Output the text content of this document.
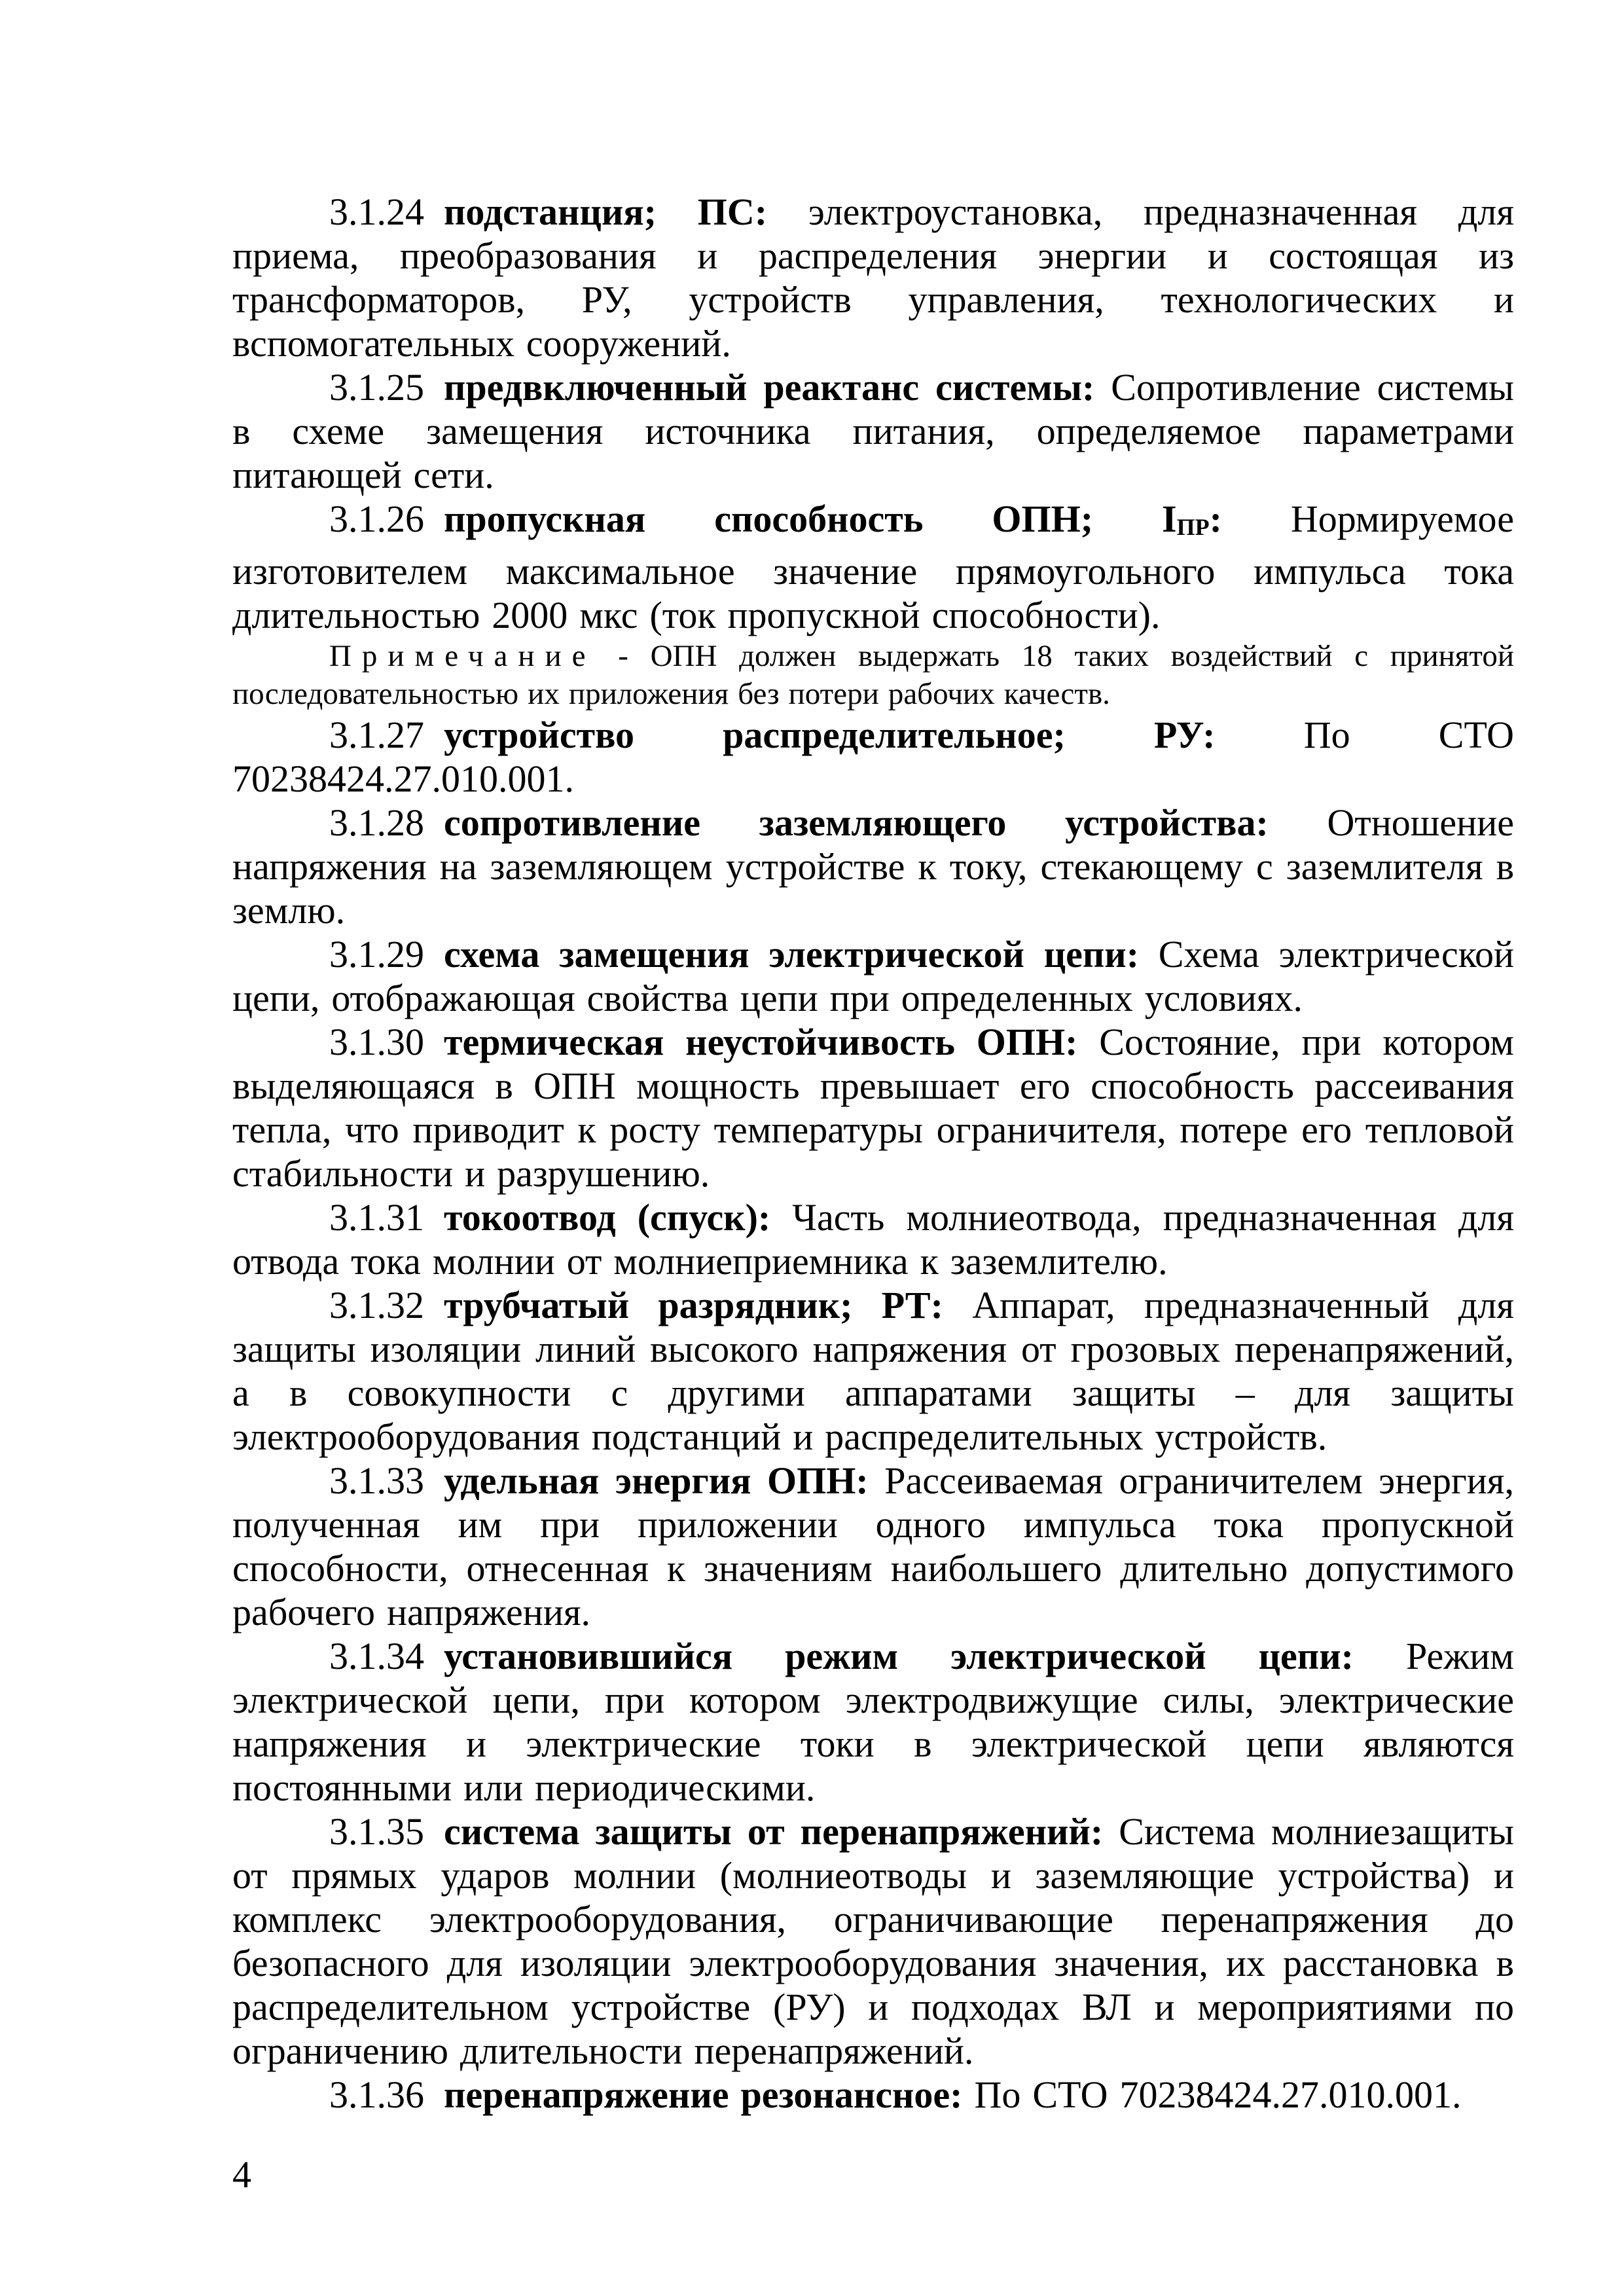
3.1.24 подстанция; ПС: электроустановка, предназначенная для приема, преобразования и распределения энергии и состоящая из трансформаторов, РУ, устройств управления, технологических и вспомогательных сооружений.

3.1.25 предвключенный реактанс системы: Сопротивление системы в схеме замещения источника питания, определяемое параметрами питающей сети.

3.1.26 пропускная способность ОПН; IПР: Нормируемое изготовителем максимальное значение прямоугольного импульса тока длительностью 2000 мкс (ток пропускной способности).

Примечание - ОПН должен выдержать 18 таких воздействий с принятой последовательностью их приложения без потери рабочих качеств.

3.1.27 устройство распределительное; РУ: По СТО 70238424.27.010.001.

3.1.28 сопротивление заземляющего устройства: Отношение напряжения на заземляющем устройстве к току, стекающему с заземлителя в землю.

3.1.29 схема замещения электрической цепи: Схема электрической цепи, отображающая свойства цепи при определенных условиях.

3.1.30 термическая неустойчивость ОПН: Состояние, при котором выделяющаяся в ОПН мощность превышает его способность рассеивания тепла, что приводит к росту температуры ограничителя, потере его тепловой стабильности и разрушению.

3.1.31 токоотвод (спуск): Часть молниеотвода, предназначенная для отвода тока молнии от молниеприемника к заземлителю.

3.1.32 трубчатый разрядник; РТ: Аппарат, предназначенный для защиты изоляции линий высокого напряжения от грозовых перенапряжений, а в совокупности с другими аппаратами защиты – для защиты электрооборудования подстанций и распределительных устройств.

3.1.33 удельная энергия ОПН: Рассеиваемая ограничителем энергия, полученная им при приложении одного импульса тока пропускной способности, отнесенная к значениям наибольшего длительно допустимого рабочего напряжения.

3.1.34 установившийся режим электрической цепи: Режим электрической цепи, при котором электродвижущие силы, электрические напряжения и электрические токи в электрической цепи являются постоянными или периодическими.

3.1.35 система защиты от перенапряжений: Система молниезащиты от прямых ударов молнии (молниеотводы и заземляющие устройства) и комплекс электрооборудования, ограничивающие перенапряжения до безопасного для изоляции электрооборудования значения, их расстановка в распределительном устройстве (РУ) и подходах ВЛ и мероприятиями по ограничению длительности перенапряжений.

3.1.36 перенапряжение резонансное: По СТО 70238424.27.010.001.

4
